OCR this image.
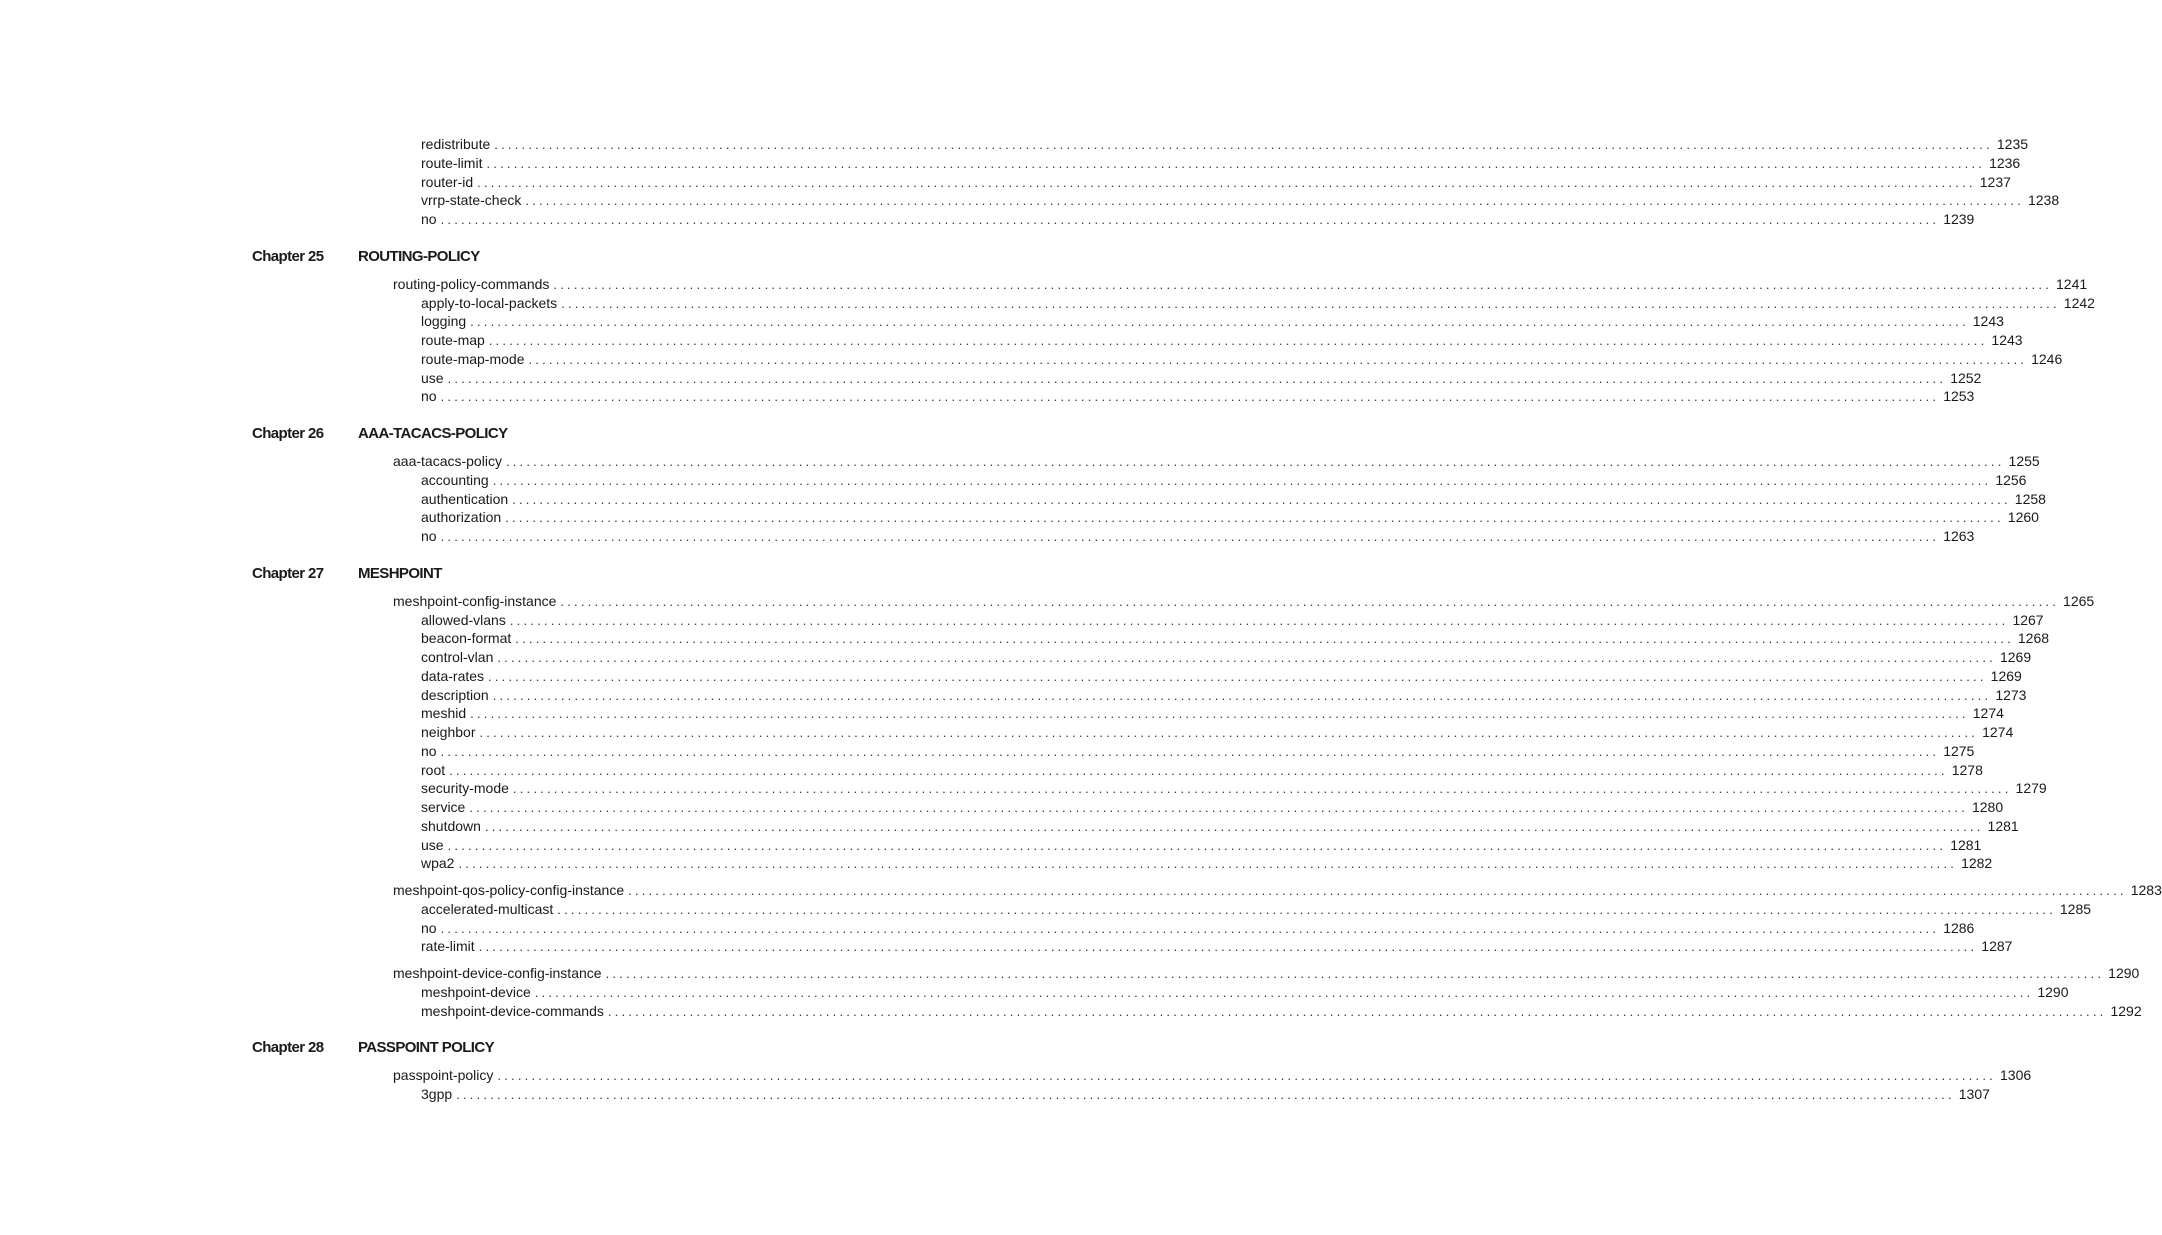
redistribute ............................................................................................................................................................................................................................ 1235
route-limit ............................................................................................................................................................................................................................ 1236
router-id ............................................................................................................................................................................................................................ 1237
vrrp-state-check ............................................................................................................................................................................................................................ 1238
no ............................................................................................................................................................................................................................ 1239
Chapter 25 ROUTING-POLICY
routing-policy-commands ............................................................................................................................................................................................................................ 1241
apply-to-local-packets ............................................................................................................................................................................................................................ 1242
logging ............................................................................................................................................................................................................................ 1243
route-map ............................................................................................................................................................................................................................ 1243
route-map-mode ............................................................................................................................................................................................................................ 1246
use ............................................................................................................................................................................................................................ 1252
no ............................................................................................................................................................................................................................ 1253
Chapter 26 AAA-TACACS-POLICY
aaa-tacacs-policy ............................................................................................................................................................................................................................ 1255
accounting ............................................................................................................................................................................................................................ 1256
authentication ............................................................................................................................................................................................................................ 1258
authorization ............................................................................................................................................................................................................................ 1260
no ............................................................................................................................................................................................................................ 1263
Chapter 27 MESHPOINT
meshpoint-config-instance ............................................................................................................................................................................................................................ 1265
allowed-vlans ............................................................................................................................................................................................................................ 1267
beacon-format ............................................................................................................................................................................................................................ 1268
control-vlan ............................................................................................................................................................................................................................ 1269
data-rates ............................................................................................................................................................................................................................ 1269
description ............................................................................................................................................................................................................................ 1273
meshid ............................................................................................................................................................................................................................ 1274
neighbor ............................................................................................................................................................................................................................ 1274
no ............................................................................................................................................................................................................................ 1275
root ............................................................................................................................................................................................................................ 1278
security-mode ............................................................................................................................................................................................................................ 1279
service ............................................................................................................................................................................................................................ 1280
shutdown ............................................................................................................................................................................................................................ 1281
use ............................................................................................................................................................................................................................ 1281
wpa2 ............................................................................................................................................................................................................................ 1282
meshpoint-qos-policy-config-instance ............................................................................................................................................................................................................................ 1283
accelerated-multicast ............................................................................................................................................................................................................................ 1285
no ............................................................................................................................................................................................................................ 1286
rate-limit ............................................................................................................................................................................................................................ 1287
meshpoint-device-config-instance ............................................................................................................................................................................................................................ 1290
meshpoint-device ............................................................................................................................................................................................................................ 1290
meshpoint-device-commands ............................................................................................................................................................................................................................ 1292
Chapter 28 PASSPOINT POLICY
passpoint-policy ............................................................................................................................................................................................................................ 1306
3gpp ............................................................................................................................................................................................................................ 1307
